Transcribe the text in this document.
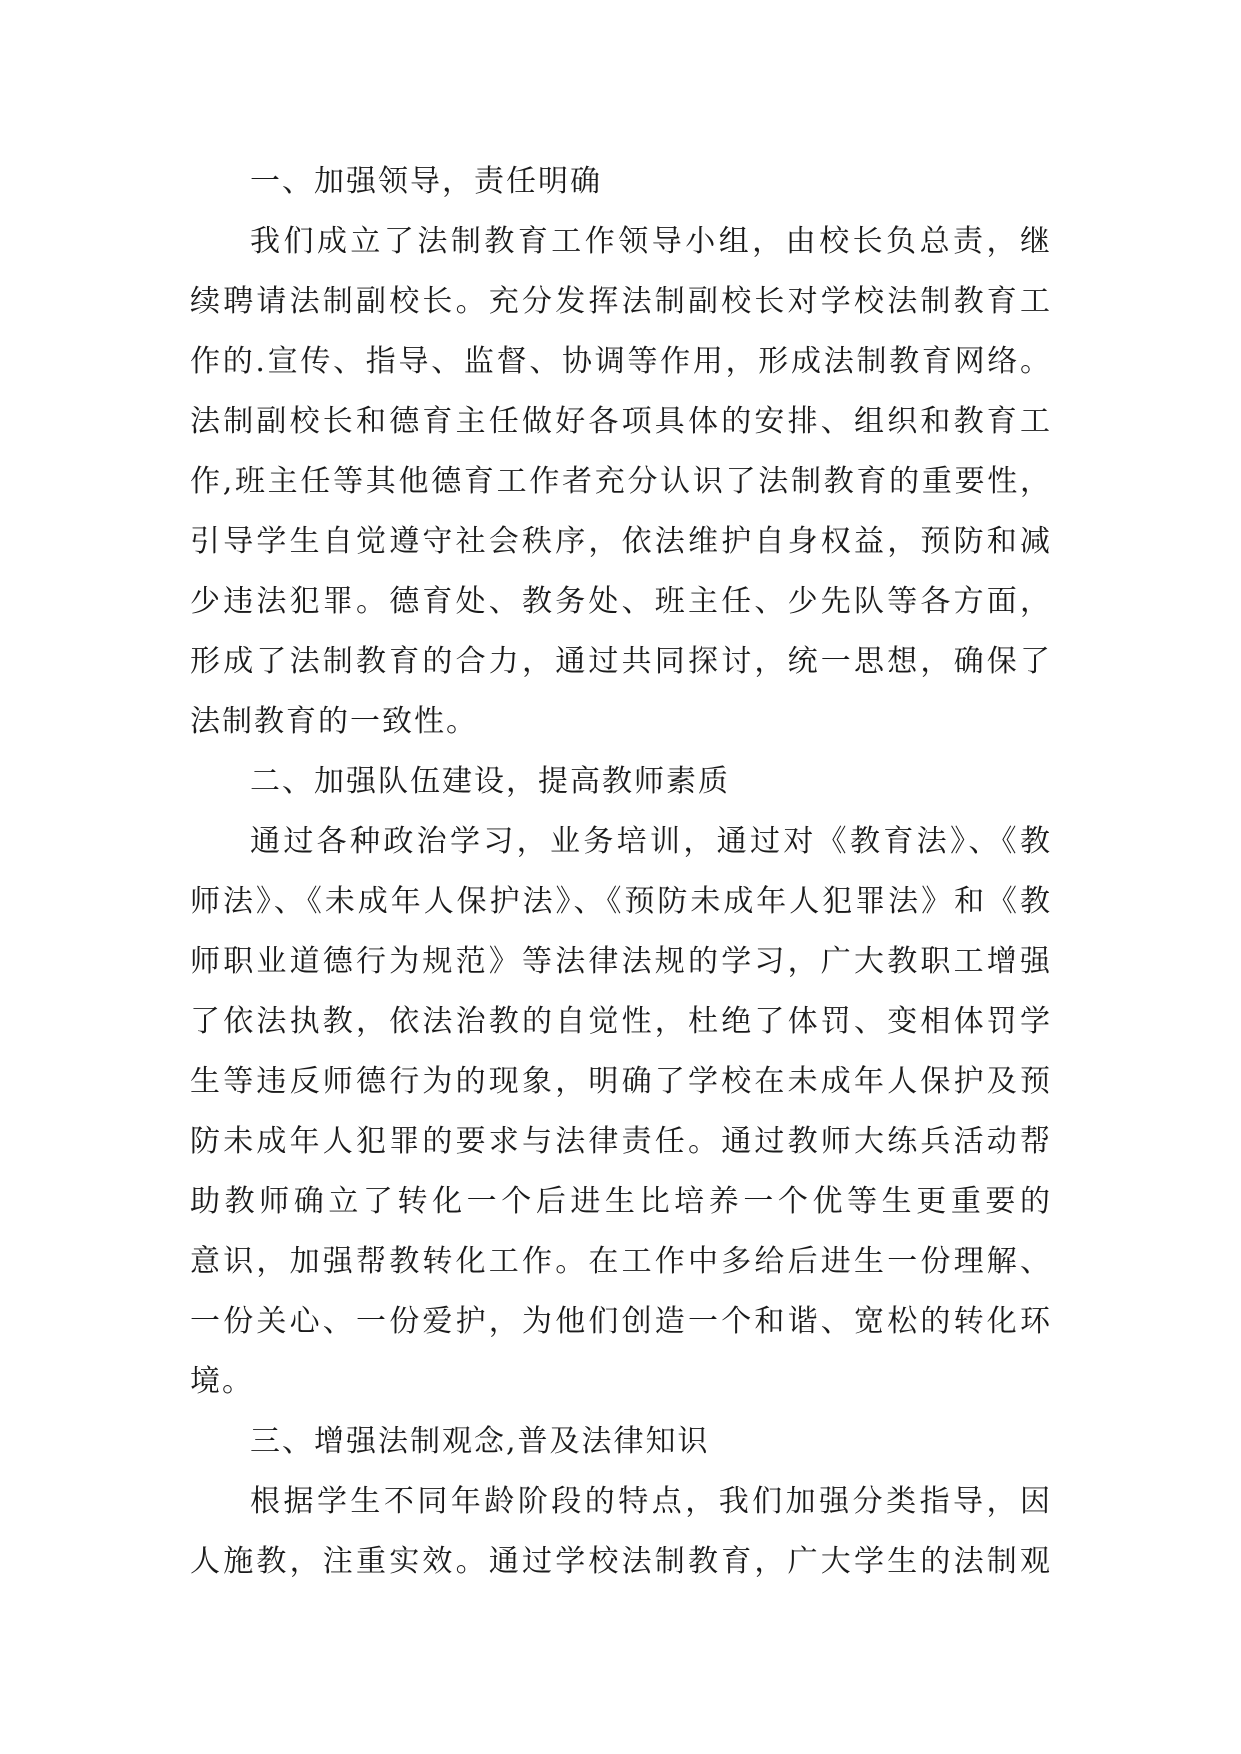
一、加强领导，责任明确
我们成立了法制教育工作领导小组，由校长负总责，继
续聘请法制副校长。充分发挥法制副校长对学校法制教育工
作的.宣传、指导、监督、协调等作用，形成法制教育网络。
法制副校长和德育主任做好各项具体的安排、组织和教育工
作,班主任等其他德育工作者充分认识了法制教育的重要性，
引导学生自觉遵守社会秩序，依法维护自身权益，预防和减
少违法犯罪。德育处、教务处、班主任、少先队等各方面，
形成了法制教育的合力，通过共同探讨，统一思想，确保了
法制教育的一致性。
二、加强队伍建设，提高教师素质
通过各种政治学习，业务培训，通过对《教育法》、《教
师法》、《未成年人保护法》、《预防未成年人犯罪法》和《教
师职业道德行为规范》等法律法规的学习，广大教职工增强
了依法执教，依法治教的自觉性，杜绝了体罚、变相体罚学
生等违反师德行为的现象，明确了学校在未成年人保护及预
防未成年人犯罪的要求与法律责任。通过教师大练兵活动帮
助教师确立了转化一个后进生比培养一个优等生更重要的
意识，加强帮教转化工作。在工作中多给后进生一份理解、
一份关心、一份爱护，为他们创造一个和谐、宽松的转化环
境。
三、增强法制观念,普及法律知识
根据学生不同年龄阶段的特点，我们加强分类指导，因
人施教，注重实效。通过学校法制教育，广大学生的法制观
